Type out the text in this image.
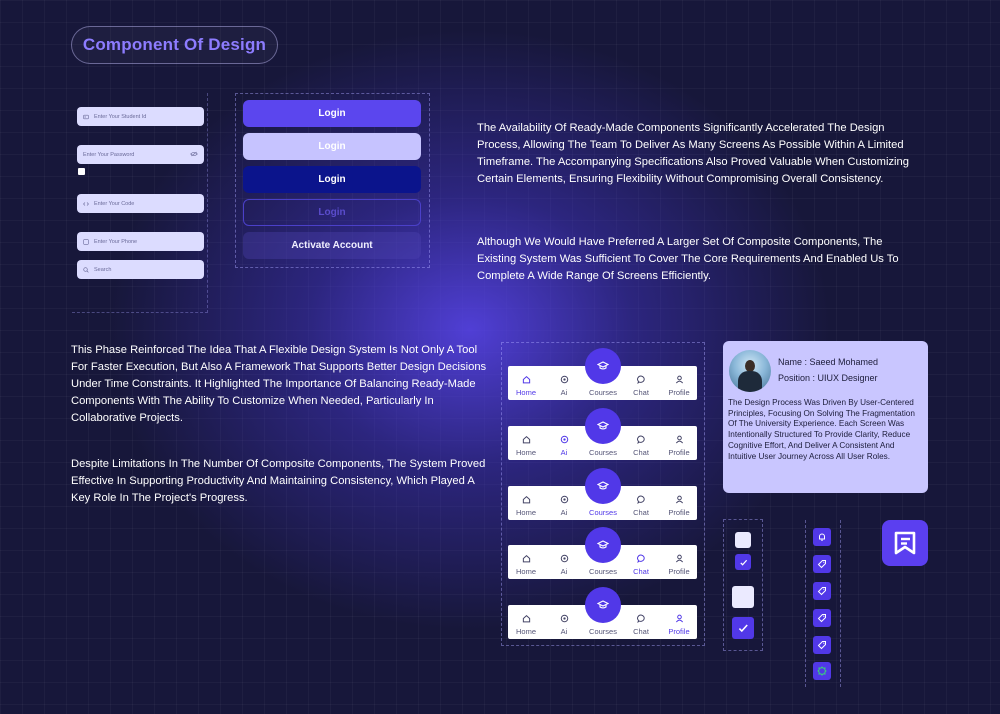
Component Of Design
Enter Your Student Id
Enter Your Password
Enter Your Code
Enter Your Phone
Search
Login
Login
Login
Login
Activate Account

The Availability Of Ready-Made Components Significantly Accelerated The Design Process, Allowing The Team To Deliver As Many Screens As Possible Within A Limited Timeframe. The Accompanying Specifications Also Proved Valuable When Customizing Certain Elements, Ensuring Flexibility Without Compromising Overall Consistency.

Although We Would Have Preferred A Larger Set Of Composite Components, The Existing System Was Sufficient To Cover The Core Requirements And Enabled Us To Complete A Wide Range Of Screens Efficiently.

This Phase Reinforced The Idea That A Flexible Design System Is Not Only A Tool For Faster Execution, But Also A Framework That Supports Better Design Decisions Under Time Constraints. It Highlighted The Importance Of Balancing Ready-Made Components With The Ability To Customize When Needed, Particularly In Collaborative Projects.

Despite Limitations In The Number Of Composite Components, The System Proved Effective In Supporting Productivity And Maintaining Consistency, Which Played A Key Role In The Project's Progress.

Home	Ai	Courses	Chat	Profile
Home	Ai	Courses	Chat	Profile
Home	Ai	Courses	Chat	Profile
Home	Ai	Courses	Chat	Profile
Home	Ai	Courses	Chat	Profile
Name : Saeed Mohamed
Position : UIUX Designer
The Design Process Was Driven By User-Centered Principles, Focusing On Solving The Fragmentation Of The University Experience. Each Screen Was Intentionally Structured To Provide Clarity, Reduce Cognitive Effort, And Deliver A Consistent And Intuitive User Journey Across All User Roles.
